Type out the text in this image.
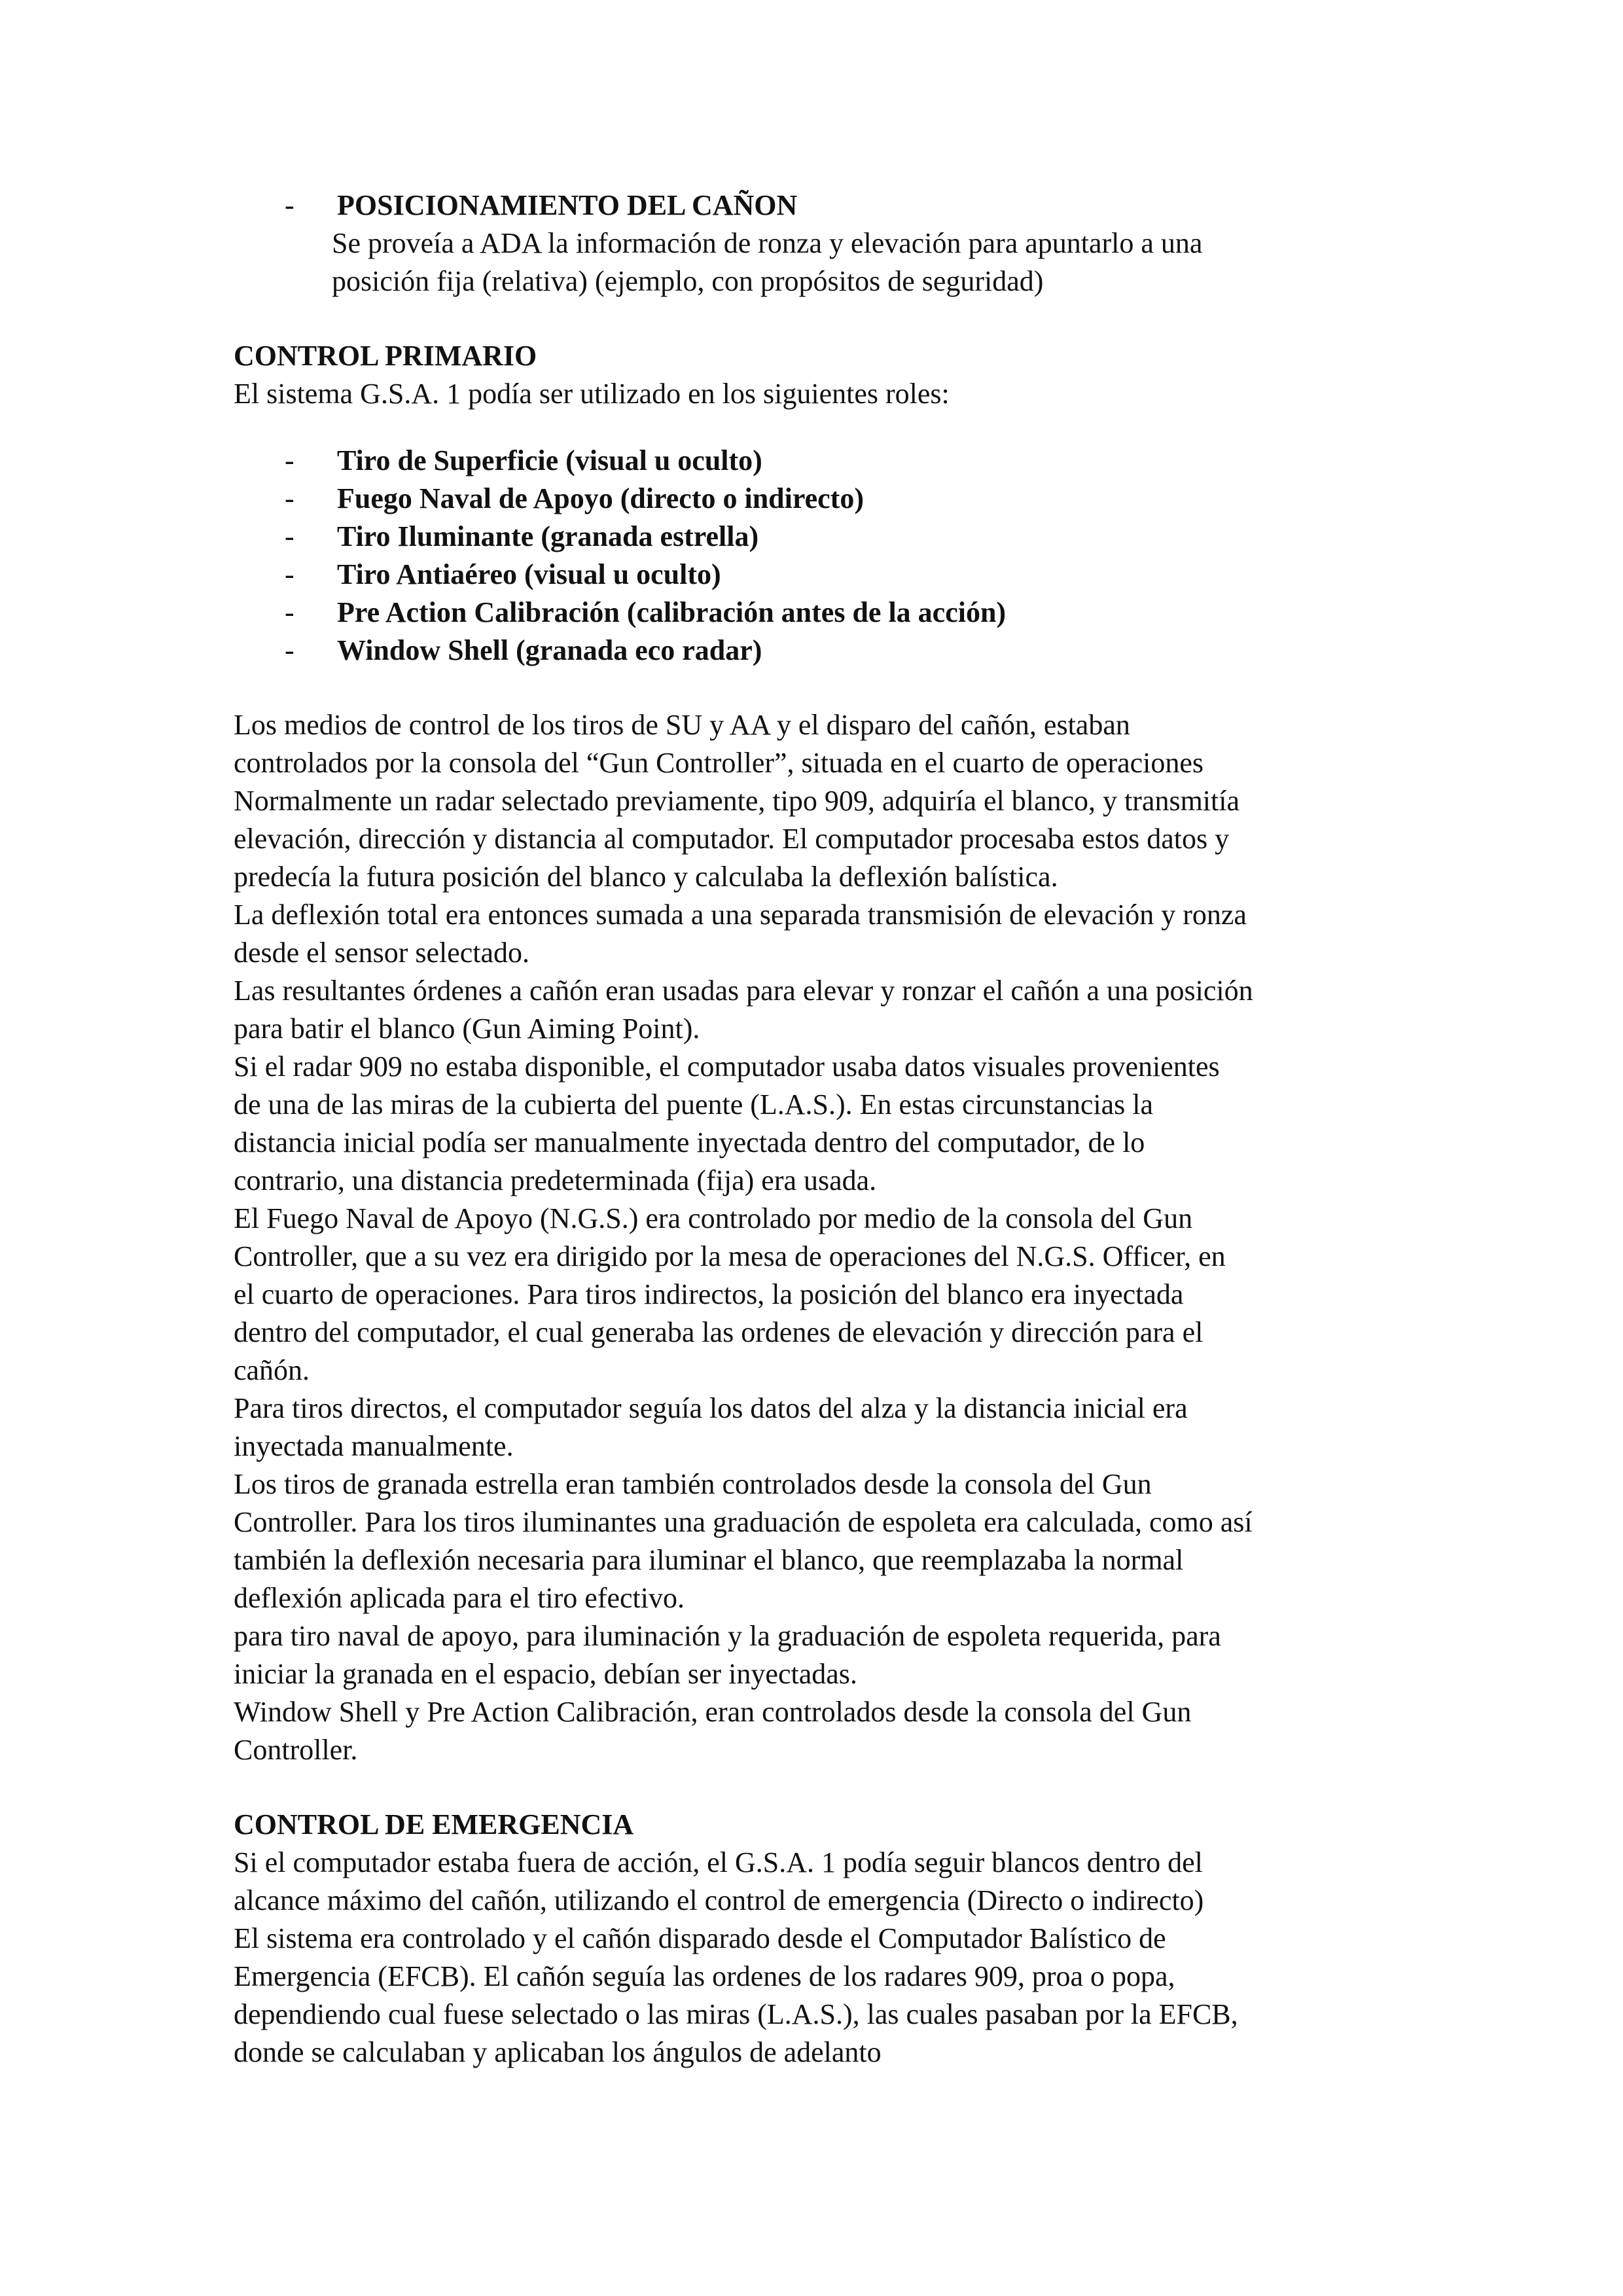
-	POSICIONAMIENTO DEL CAÑON
Se proveía a ADA la información de ronza y elevación para apuntarlo a una
posición fija (relativa) (ejemplo, con propósitos de seguridad)
CONTROL PRIMARIO
El sistema G.S.A. 1 podía ser utilizado en los siguientes roles:
-	Tiro de Superficie (visual u oculto)
-	Fuego Naval de Apoyo (directo o indirecto)
-	Tiro Iluminante (granada estrella)
-	Tiro Antiaéreo (visual u oculto)
-	Pre Action Calibración (calibración antes de la acción)
-	Window Shell (granada eco radar)
Los medios de control de los tiros de SU y AA y el disparo del cañón, estaban
controlados por la consola del “Gun Controller”, situada en el cuarto de operaciones
Normalmente un radar selectado previamente, tipo 909, adquiría el blanco, y transmitía
elevación, dirección y distancia al computador. El computador procesaba estos datos y
predecía la futura posición del blanco y calculaba la deflexión balística.
La deflexión total era entonces sumada a una separada transmisión de elevación y ronza
desde el sensor selectado.
Las resultantes órdenes a cañón eran usadas para elevar y ronzar el cañón a una posición
para batir el blanco (Gun Aiming Point).
Si el radar 909 no estaba disponible, el computador usaba datos visuales provenientes
de una de las miras de la cubierta del puente (L.A.S.). En estas circunstancias la
distancia inicial podía ser manualmente inyectada dentro del computador, de lo
contrario, una distancia predeterminada (fija) era usada.
El Fuego Naval de Apoyo (N.G.S.) era controlado por medio de la consola del Gun
Controller, que a su vez era dirigido por la mesa de operaciones del N.G.S. Officer, en
el cuarto de operaciones. Para tiros indirectos, la posición del blanco era inyectada
dentro del computador, el cual generaba las ordenes de elevación y dirección para el
cañón.
Para tiros directos, el computador seguía los datos del alza y la distancia inicial era
inyectada manualmente.
Los tiros de granada estrella eran también controlados desde la consola del Gun
Controller. Para los tiros iluminantes una graduación de espoleta era calculada, como así
también la deflexión necesaria para iluminar el blanco, que reemplazaba la normal
deflexión aplicada para el tiro efectivo.
para tiro naval de apoyo, para iluminación y la graduación de espoleta requerida, para
iniciar la granada en el espacio, debían ser inyectadas.
Window Shell y Pre Action Calibración, eran controlados desde la consola del Gun
Controller.
CONTROL DE EMERGENCIA
Si el computador estaba fuera de acción, el G.S.A. 1 podía seguir blancos dentro del
alcance máximo del cañón, utilizando el control de emergencia (Directo o indirecto)
El sistema era controlado y el cañón disparado desde el Computador Balístico de
Emergencia (EFCB). El cañón seguía las ordenes de los radares 909, proa o popa,
dependiendo cual fuese selectado o las miras (L.A.S.), las cuales pasaban por la EFCB,
donde se calculaban y aplicaban los ángulos de adelanto
